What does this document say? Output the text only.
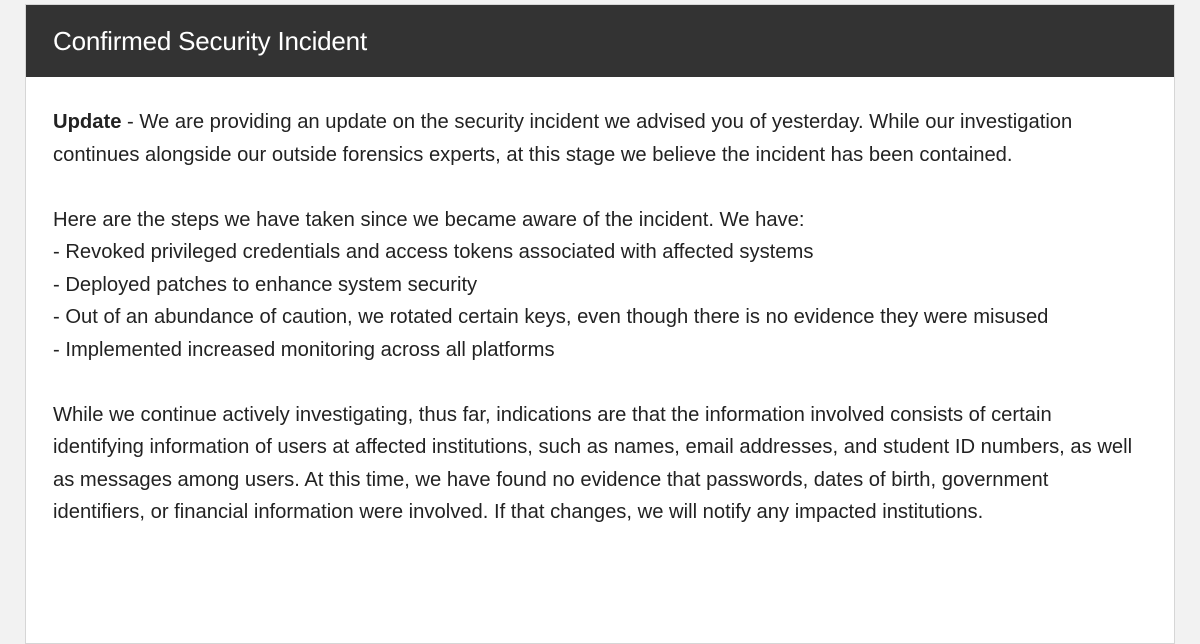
Confirmed Security Incident

Update - We are providing an update on the security incident we advised you of yesterday. While our investigation continues alongside our outside forensics experts, at this stage we believe the incident has been contained.

Here are the steps we have taken since we became aware of the incident. We have:
- Revoked privileged credentials and access tokens associated with affected systems
- Deployed patches to enhance system security
- Out of an abundance of caution, we rotated certain keys, even though there is no evidence they were misused
- Implemented increased monitoring across all platforms

While we continue actively investigating, thus far, indications are that the information involved consists of certain identifying information of users at affected institutions, such as names, email addresses, and student ID numbers, as well as messages among users. At this time, we have found no evidence that passwords, dates of birth, government identifiers, or financial information were involved. If that changes, we will notify any impacted institutions.
